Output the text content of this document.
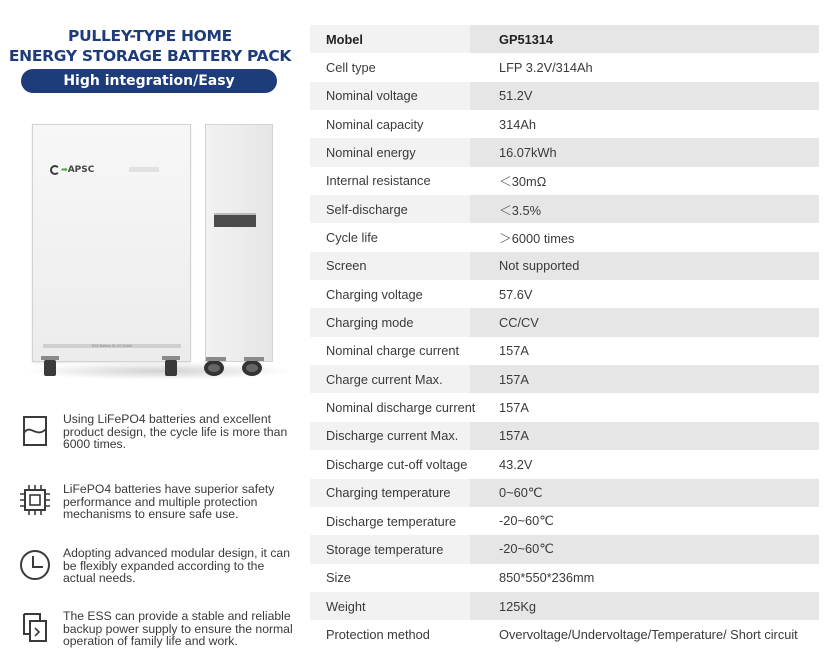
PULLEY-TYPE HOME
ENERGY STORAGE BATTERY PACK
High integration/Easy installation
➡APSC
ESS Battery 51.2V 314Ah
Using LiFePO4 batteries and excellent product design, the cycle life is more than 6000 times.
LiFePO4 batteries have superior safety performance and multiple protection mechanisms to ensure safe use.
Adopting advanced modular design, it can be flexibly expanded according to the actual needs.
The ESS can provide a stable and reliable backup power supply to ensure the normal operation of family life and work.
Mobel	GP51314
Cell type	LFP 3.2V/314Ah
Nominal voltage	51.2V
Nominal capacity	314Ah
Nominal energy	16.07kWh
Internal resistance	＜30mΩ
Self-discharge	＜3.5%
Cycle life	＞6000 times
Screen	Not supported
Charging voltage	57.6V
Charging mode	CC/CV
Nominal charge current	157A
Charge current Max.	157A
Nominal discharge current	157A
Discharge current Max.	157A
Discharge cut-off voltage	43.2V
Charging temperature	0~60℃
Discharge temperature	-20~60℃
Storage temperature	-20~60℃
Size	850*550*236mm
Weight	125Kg
Protection method	Overvoltage/Undervoltage/Temperature/ Short circuit
